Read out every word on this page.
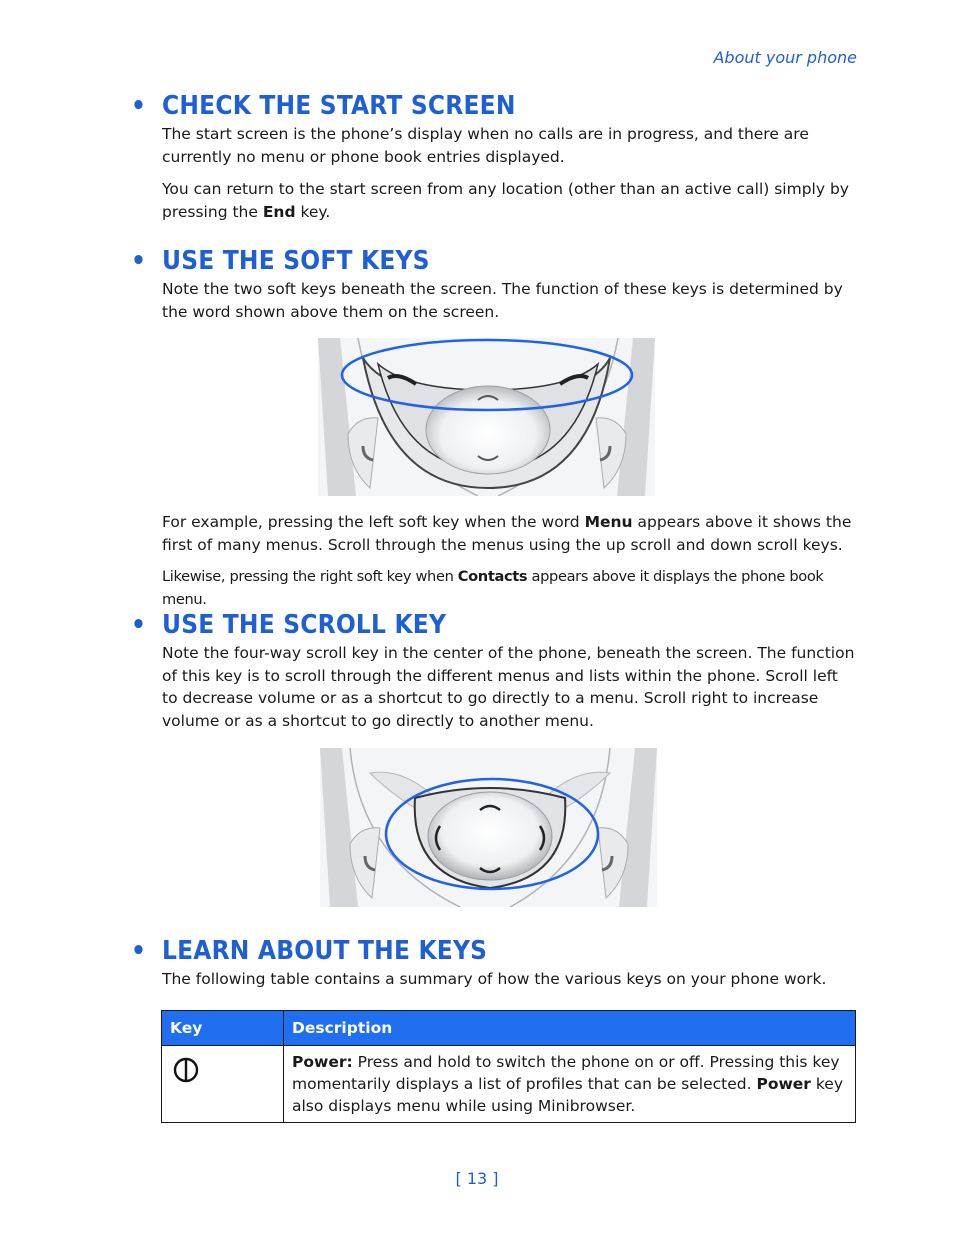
About your phone
• CHECK THE START SCREEN

The start screen is the phone’s display when no calls are in progress, and there are currently no menu or phone book entries displayed.

You can return to the start screen from any location (other than an active call) simply by pressing the End key.

• USE THE SOFT KEYS

Note the two soft keys beneath the screen. The function of these keys is determined by the word shown above them on the screen.

For example, pressing the left soft key when the word Menu appears above it shows the first of many menus. Scroll through the menus using the up scroll and down scroll keys.

Likewise, pressing the right soft key when Contacts appears above it displays the phone book menu.

• USE THE SCROLL KEY

Note the four-way scroll key in the center of the phone, beneath the screen. The function of this key is to scroll through the different menus and lists within the phone. Scroll left to decrease volume or as a shortcut to go directly to a menu. Scroll right to increase volume or as a shortcut to go directly to another menu.

• LEARN ABOUT THE KEYS

The following table contains a summary of how the various keys on your phone work.

Key	Description
	Power: Press and hold to switch the phone on or off. Pressing this key momentarily displays a list of profiles that can be selected. Power key also displays menu while using Minibrowser.
[ 13 ]
